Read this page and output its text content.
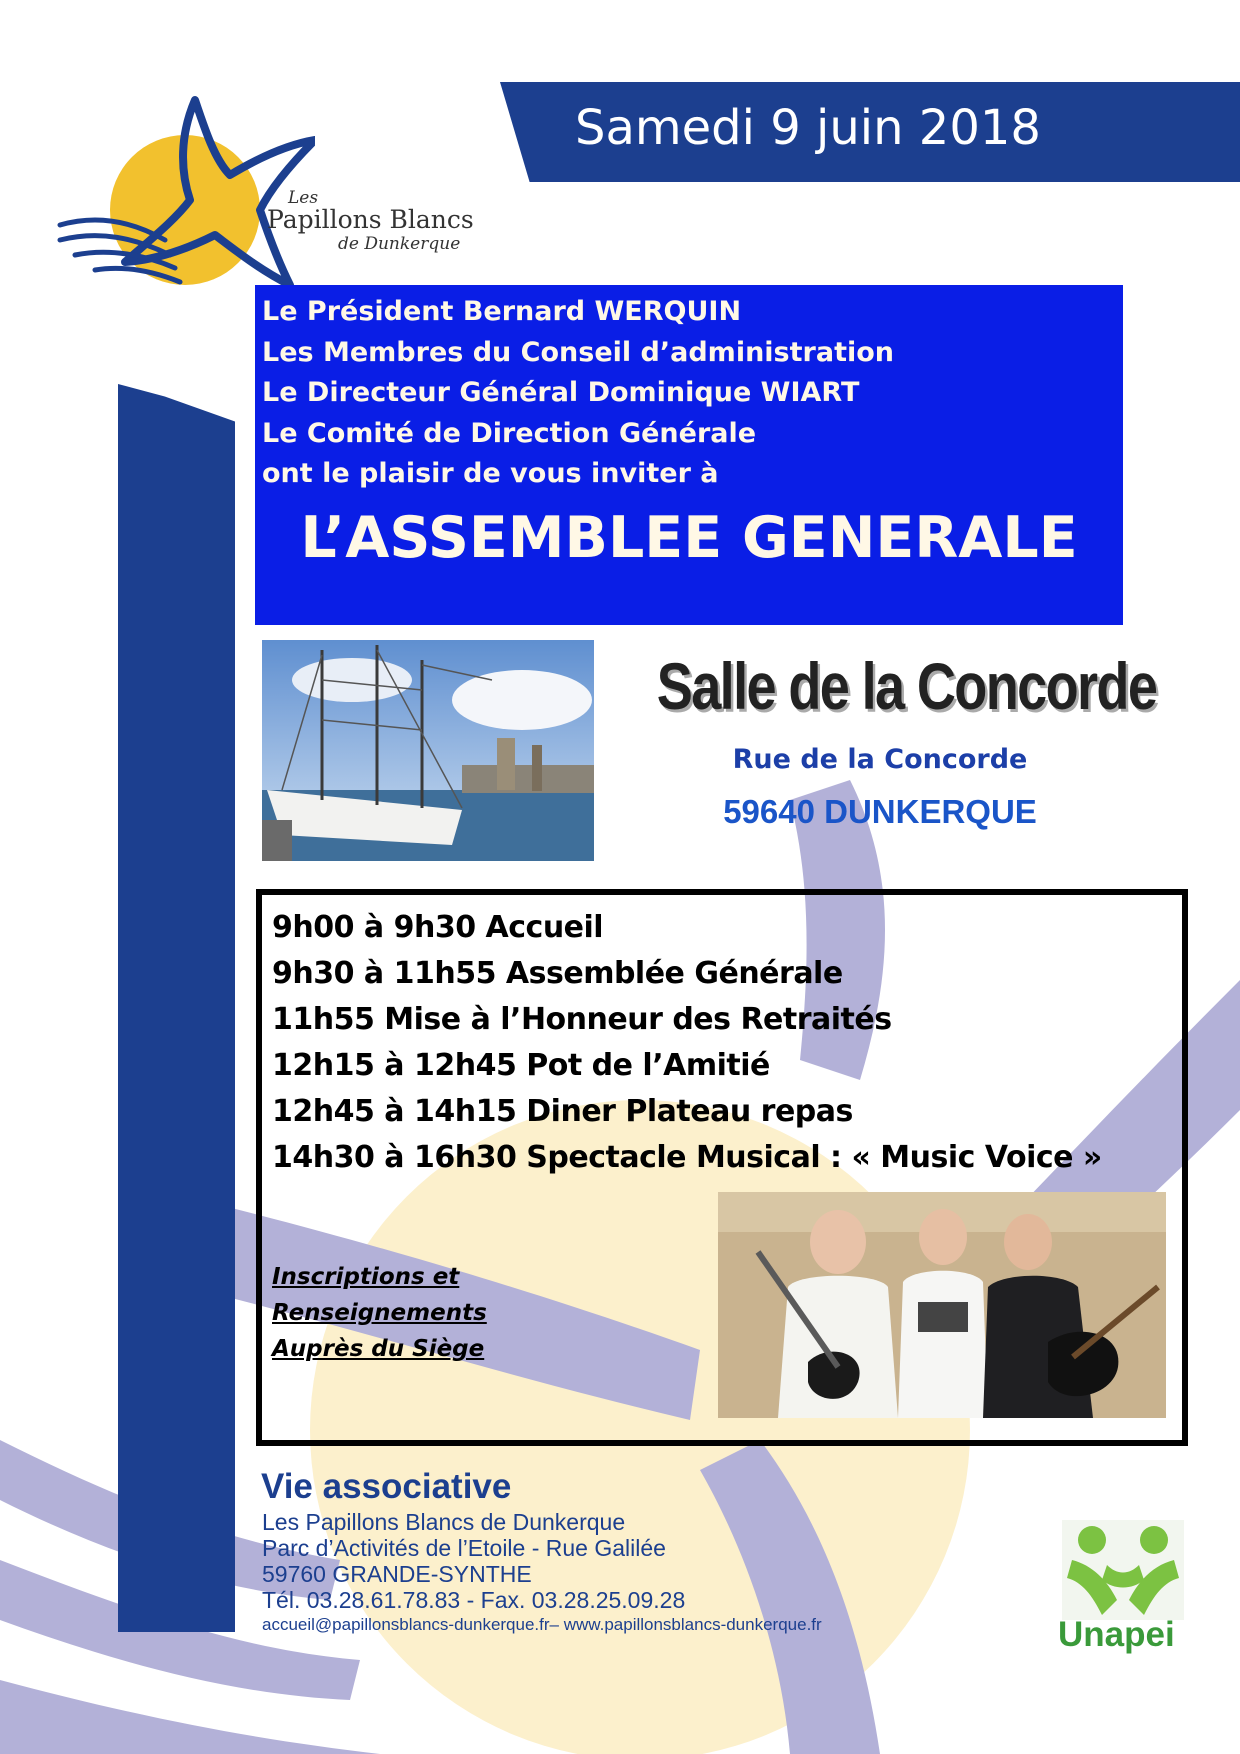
Samedi 9 juin 2018
Les
Papillons Blancs
de Dunkerque
Le Président Bernard WERQUIN
Les Membres du Conseil d’administration
Le Directeur Général Dominique WIART
Le Comité de Direction Générale
ont le plaisir de vous inviter à
L’ASSEMBLEE GENERALE
Salle de la Concorde
Rue de la Concorde
59640 DUNKERQUE
9h00 à 9h30 Accueil
9h30 à 11h55 Assemblée Générale
11h55 Mise à l’Honneur des Retraités
12h15 à 12h45 Pot de l’Amitié
12h45 à 14h15 Diner Plateau repas
14h30 à 16h30 Spectacle Musical : « Music Voice »
Inscriptions et
Renseignements
Auprès du Siège
Vie associative
Les Papillons Blancs de Dunkerque
Parc d’Activités de l’Etoile - Rue Galilée
59760 GRANDE-SYNTHE
Tél. 03.28.61.78.83 - Fax. 03.28.25.09.28
accueil@papillonsblancs-dunkerque.fr– www.papillonsblancs-dunkerque.fr	Unapei
